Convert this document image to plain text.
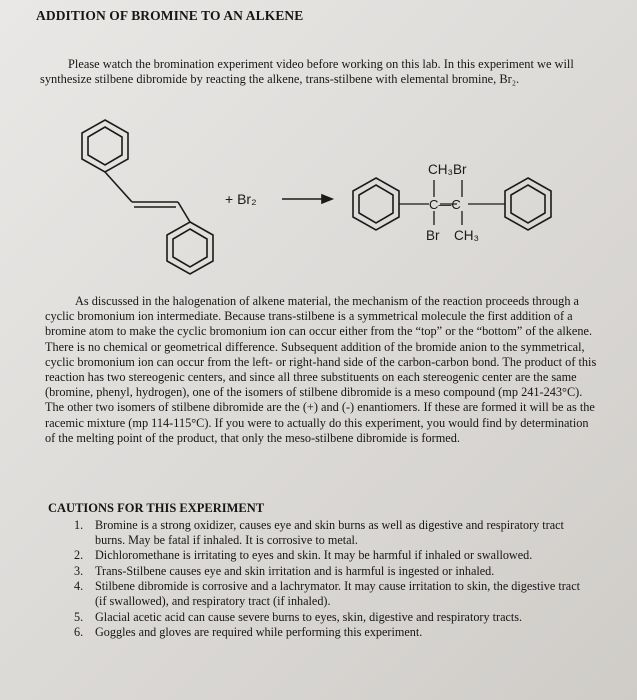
ADDITION OF BROMINE TO AN ALKENE
Please watch the bromination experiment video before working on this lab. In this experiment we will synthesize stilbene dibromide by reacting the alkene, trans-stilbene with elemental bromine, Br₂.
+ Br₂
CH₃Br
C—C
Br CH₃
As discussed in the halogenation of alkene material, the mechanism of the reaction proceeds through a cyclic bromonium ion intermediate. Because trans-stilbene is a symmetrical molecule the first addition of a bromine atom to make the cyclic bromonium ion can occur either from the “top” or the “bottom” of the alkene. There is no chemical or geometrical difference. Subsequent addition of the bromide anion to the symmetrical, cyclic bromonium ion can occur from the left- or right-hand side of the carbon-carbon bond. The product of this reaction has two stereogenic centers, and since all three substituents on each stereogenic center are the same (bromine, phenyl, hydrogen), one of the isomers of stilbene dibromide is a meso compound (mp 241-243°C). The other two isomers of stilbene dibromide are the (+) and (-) enantiomers. If these are formed it will be as the racemic mixture (mp 114-115°C). If you were to actually do this experiment, you would find by determination of the melting point of the product, that only the meso-stilbene dibromide is formed.
CAUTIONS FOR THIS EXPERIMENT
1. Bromine is a strong oxidizer, causes eye and skin burns as well as digestive and respiratory tract burns. May be fatal if inhaled. It is corrosive to metal.
2. Dichloromethane is irritating to eyes and skin. It may be harmful if inhaled or swallowed.
3. Trans-Stilbene causes eye and skin irritation and is harmful is ingested or inhaled.
4. Stilbene dibromide is corrosive and a lachrymator. It may cause irritation to skin, the digestive tract (if swallowed), and respiratory tract (if inhaled).
5. Glacial acetic acid can cause severe burns to eyes, skin, digestive and respiratory tracts.
6. Goggles and gloves are required while performing this experiment.
